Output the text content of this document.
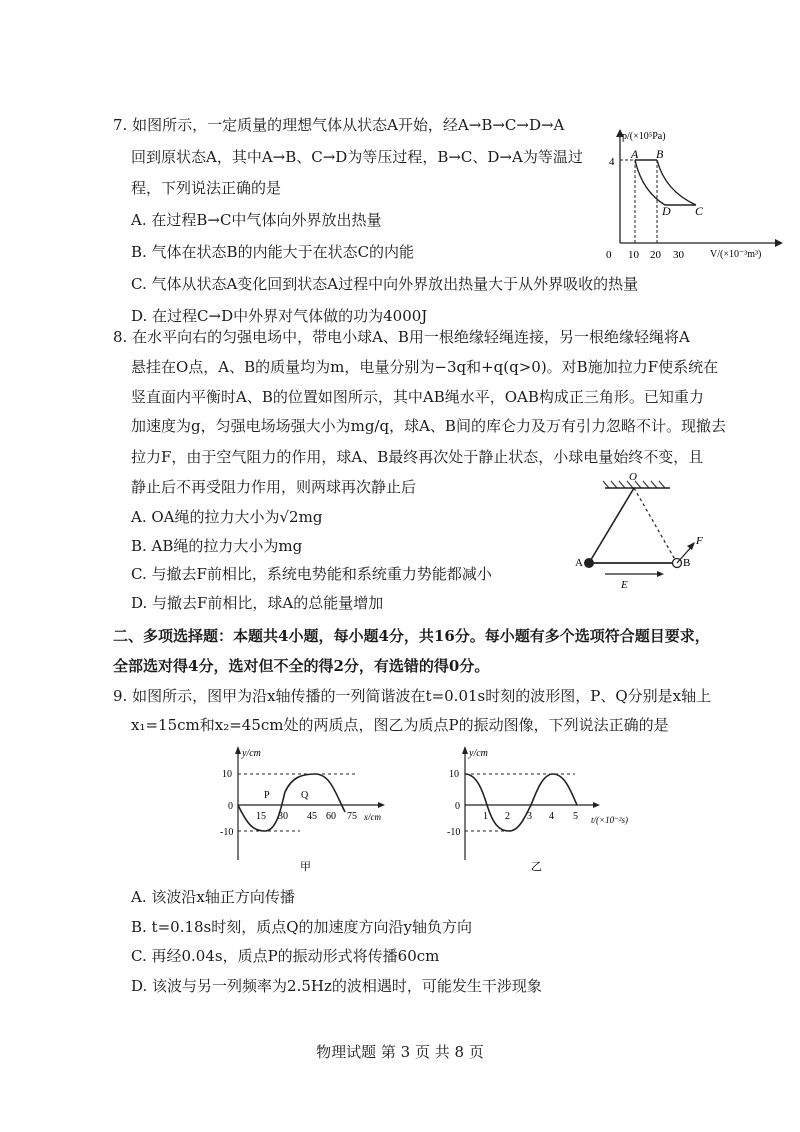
7. 如图所示，一定质量的理想气体从状态A开始，经A→B→C→D→A
回到原状态A，其中A→B、C→D为等压过程，B→C、D→A为等温过
程，下列说法正确的是
A. 在过程B→C中气体向外界放出热量
B. 气体在状态B的内能大于在状态C的内能
C. 气体从状态A变化回到状态A过程中向外界放出热量大于从外界吸收的热量
D. 在过程C→D中外界对气体做的功为4000J
p/(×10⁵Pa)
V/(×10⁻³m³)
4
0 10 20 30
A B
C
D
8. 在水平向右的匀强电场中，带电小球A、B用一根绝缘轻绳连接，另一根绝缘轻绳将A
悬挂在O点，A、B的质量均为m，电量分别为−3q和+q(q>0)。对B施加拉力F使系统在
竖直面内平衡时A、B的位置如图所示，其中AB绳水平，OAB构成正三角形。已知重力
加速度为g，匀强电场场强大小为mg/q，球A、B间的库仑力及万有引力忽略不计。现撤去
拉力F，由于空气阻力的作用，球A、B最终再次处于静止状态，小球电量始终不变，且
静止后不再受阻力作用，则两球再次静止后
A. OA绳的拉力大小为√2mg
B. AB绳的拉力大小为mg
C. 与撤去F前相比，系统电势能和系统重力势能都减小
D. 与撤去F前相比，球A的总能量增加
O
F
A	B
E
二、多项选择题：本题共4小题，每小题4分，共16分。每小题有多个选项符合题目要求，
全部选对得4分，选对但不全的得2分，有选错的得0分。
9. 如图所示，图甲为沿x轴传播的一列简谐波在t=0.01s时刻的波形图，P、Q分别是x轴上
x₁=15cm和x₂=45cm处的两质点，图乙为质点P的振动图像，下列说法正确的是
y/cm
x/cm
10
0
-10
15 30 45 60 75
P	Q
甲
y/cm
t/(×10⁻²s)
10
0
-10
1 2 3 4 5
乙
A. 该波沿x轴正方向传播
B. t=0.18s时刻，质点Q的加速度方向沿y轴负方向
C. 再经0.04s，质点P的振动形式将传播60cm
D. 该波与另一列频率为2.5Hz的波相遇时，可能发生干涉现象
物理试题 第 3 页 共 8 页
